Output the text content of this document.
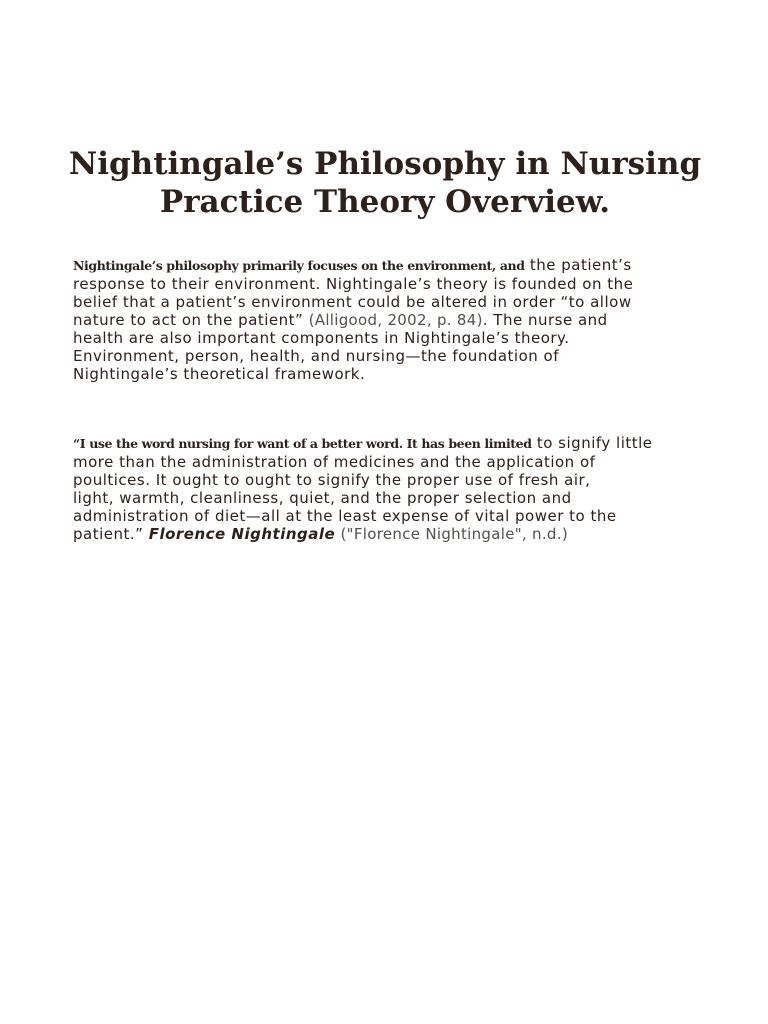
Nightingale’s Philosophy in Nursing
Practice Theory Overview.

Nightingale’s philosophy primarily focuses on the environment, and the patient’s
response to their environment. Nightingale’s theory is founded on the
belief that a patient’s environment could be altered in order “to allow
nature to act on the patient” (Alligood, 2002, p. 84). The nurse and
health are also important components in Nightingale’s theory.
Environment, person, health, and nursing—the foundation of
Nightingale’s theoretical framework.

“I use the word nursing for want of a better word. It has been limited to signify little
more than the administration of medicines and the application of
poultices. It ought to ought to signify the proper use of fresh air,
light, warmth, cleanliness, quiet, and the proper selection and
administration of diet—all at the least expense of vital power to the
patient.” Florence Nightingale ("Florence Nightingale", n.d.)
